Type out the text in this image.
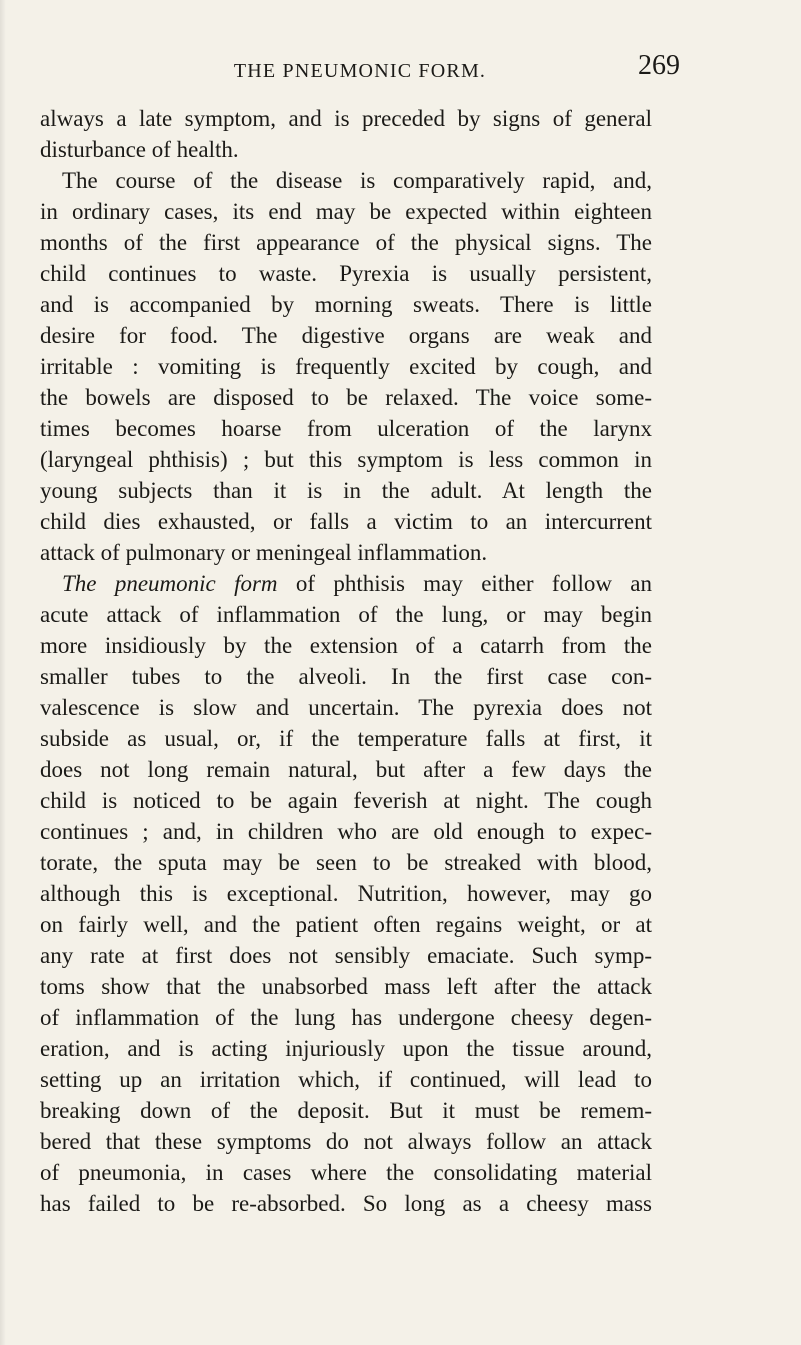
THE PNEUMONIC FORM.	269
always a late symptom, and is preceded by signs of general
disturbance of health.
The course of the disease is comparatively rapid, and,
in ordinary cases, its end may be expected within eighteen
months of the first appearance of the physical signs. The
child continues to waste. Pyrexia is usually persistent,
and is accompanied by morning sweats. There is little
desire for food. The digestive organs are weak and
irritable : vomiting is frequently excited by cough, and
the bowels are disposed to be relaxed. The voice some-
times becomes hoarse from ulceration of the larynx
(laryngeal phthisis) ; but this symptom is less common in
young subjects than it is in the adult. At length the
child dies exhausted, or falls a victim to an intercurrent
attack of pulmonary or meningeal inflammation.
The pneumonic form of phthisis may either follow an
acute attack of inflammation of the lung, or may begin
more insidiously by the extension of a catarrh from the
smaller tubes to the alveoli. In the first case con-
valescence is slow and uncertain. The pyrexia does not
subside as usual, or, if the temperature falls at first, it
does not long remain natural, but after a few days the
child is noticed to be again feverish at night. The cough
continues ; and, in children who are old enough to expec-
torate, the sputa may be seen to be streaked with blood,
although this is exceptional. Nutrition, however, may go
on fairly well, and the patient often regains weight, or at
any rate at first does not sensibly emaciate. Such symp-
toms show that the unabsorbed mass left after the attack
of inflammation of the lung has undergone cheesy degen-
eration, and is acting injuriously upon the tissue around,
setting up an irritation which, if continued, will lead to
breaking down of the deposit. But it must be remem-
bered that these symptoms do not always follow an attack
of pneumonia, in cases where the consolidating material
has failed to be re-absorbed. So long as a cheesy mass
